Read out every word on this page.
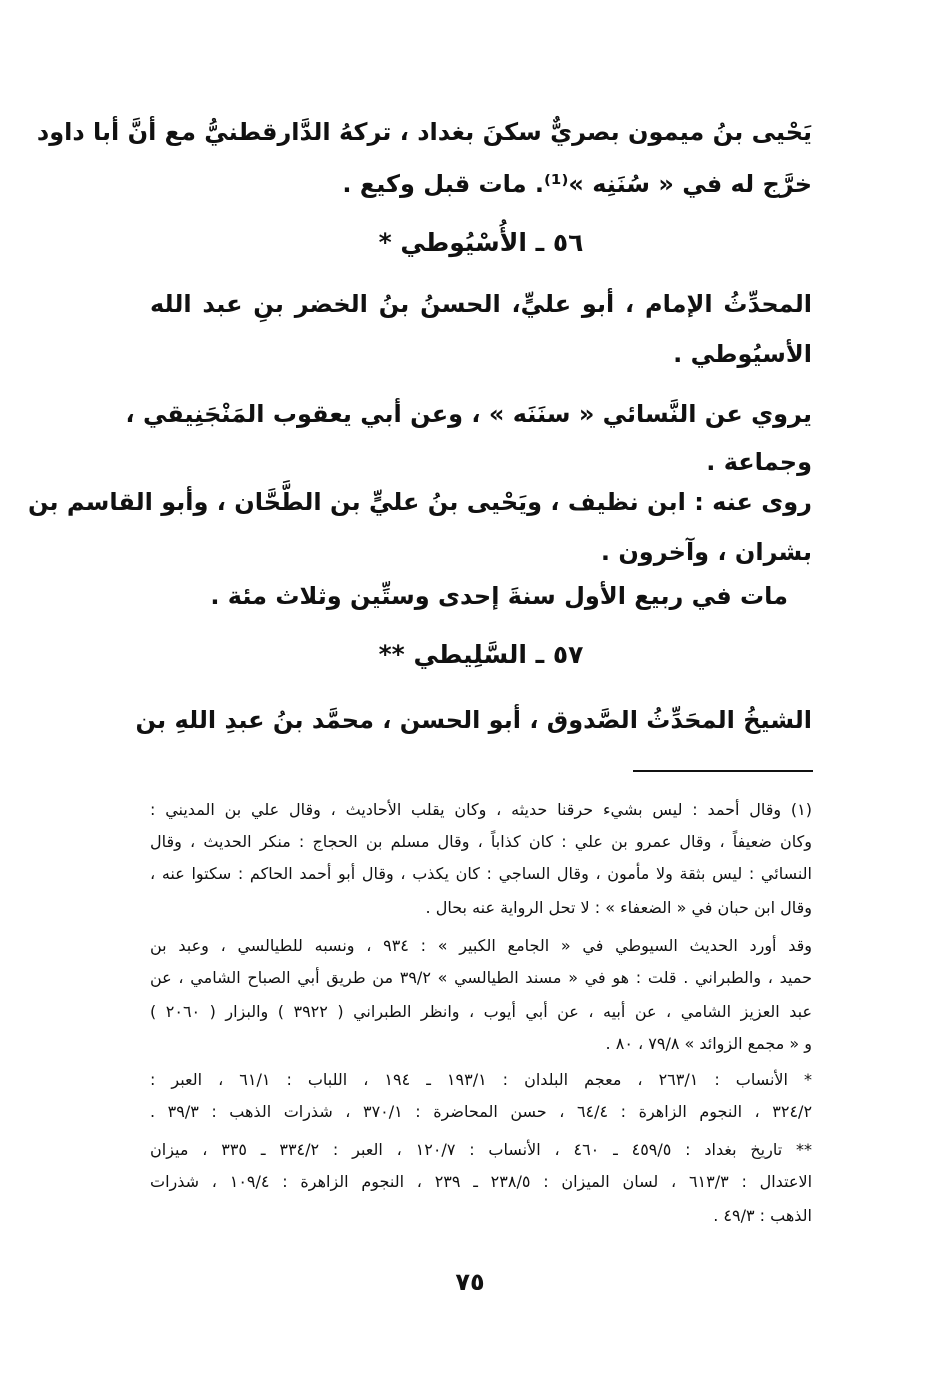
يَحْيى بنُ ميمون بصريٌّ سكنَ بغداد ، تركهُ الدَّارقطنيُّ مع أنَّ أبا داود
خرَّج له في « سُنَنِه »⁽¹⁾. مات قبل وكيع .
٥٦ ـ الأُسْيُوطي *
المحدِّثُ الإمام ، أبو عليٍّ، الحسنُ بنُ الخضر بنِ عبد الله
الأسيُوطي .
يروي عن النَّسائي « سنَنَه » ، وعن أبي يعقوب المَنْجَنِيقي ،
وجماعة .
روى عنه : ابن نظيف ، ويَحْيى بنُ عليٍّ بن الطَّحَّان ، وأبو القاسم بن
بشران ، وآخرون .
مات في ربيع الأول سنةَ إحدى وستِّين وثلاث مئة .
٥٧ ـ السَّلِيطي **
الشيخُ المحَدِّثُ الصَّدوق ، أبو الحسن ، محمَّد بنُ عبدِ اللهِ بن
(١) وقال أحمد : ليس بشيء حرقنا حديثه ، وكان يقلب الأحاديث ، وقال علي بن المديني :
وكان ضعيفاً ، وقال عمرو بن علي : كان كذاباً ، وقال مسلم بن الحجاج : منكر الحديث ، وقال
النسائي : ليس بثقة ولا مأمون ، وقال الساجي : كان يكذب ، وقال أبو أحمد الحاكم : سكتوا عنه ،
وقال ابن حبان في « الضعفاء » : لا تحل الرواية عنه بحال .
وقد أورد الحديث السيوطي في « الجامع الكبير » : ٩٣٤ ، ونسبه للطيالسي ، وعبد بن
حميد ، والطبراني . قلت : هو في « مسند الطيالسي » ٣٩/٢ من طريق أبي الصباح الشامي ، عن
عبد العزيز الشامي ، عن أبيه ، عن أبي أيوب ، وانظر الطبراني ( ٣٩٢٢ ) والبزار ( ٢٠٦٠ )
و « مجمع الزوائد » ٧٩/٨ ، ٨٠ .
* الأنساب : ٢٦٣/١ ، معجم البلدان : ١٩٣/١ ـ ١٩٤ ، اللباب : ٦١/١ ، العبر :
٣٢٤/٢ ، النجوم الزاهرة : ٦٤/٤ ، حسن المحاضرة : ٣٧٠/١ ، شذرات الذهب : ٣٩/٣ .
** تاريخ بغداد : ٤٥٩/٥ ـ ٤٦٠ ، الأنساب : ١٢٠/٧ ، العبر : ٣٣٤/٢ ـ ٣٣٥ ، ميزان
الاعتدال : ٦١٣/٣ ، لسان الميزان : ٢٣٨/٥ ـ ٢٣٩ ، النجوم الزاهرة : ١٠٩/٤ ، شذرات
الذهب : ٤٩/٣ .
٧٥
